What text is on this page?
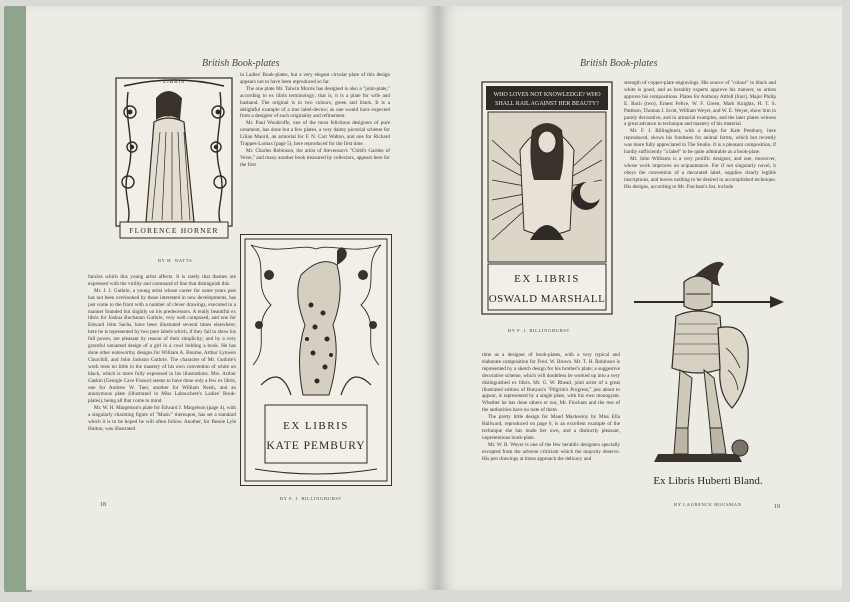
British Book-plates
LIBRIS
FLORENCE HORNER
BY H. WATTS

in Ladies' Book-plates, but a very elegant circular plate of this design appears not to have been reproduced so far.

The one plate Mr. Talwin Morris has designed is also a "joint-plate," according to ex libris terminology; that is, it is a plate for wife and husband. The original is in two colours, green and black. It is a delightful example of a true label-device; as one would have expected from a designer of such originality and refinement.

Mr. Paul Woodroffe, one of the most felicitous designers of pure ornament, has done but a few plates, a very dainty pictorial scheme for Lilian Mauril, an armorial for F. N. Carr Walton, and one for Richard Trappes-Lomax (page 5), here reproduced for the first time.

Mr. Charles Robinson, the artist of Stevenson's "Child's Garden of Verse," and many another book treasured by collectors, appears here for the first

EX LIBRIS
KATE PEMBURY
BY F. J. BILLINGHURST

fancies which this young artist affects. It is rarely that themes are expressed with the virility and command of line that distinguish this.

Mr. J. J. Guthrie, a young artist whose career for some years past has not been overlooked by those interested in new developments, has just come to the front with a number of clever drawings, executed in a manner founded but slightly on his predecessors. A really beautiful ex libris for Joshua Buchanan Guthrie, very well composed, and one for Edward John Sachs, have been illustrated several times elsewhere; here he is represented by two pure labels which, if they fail to show his full power, are pleasant by reason of their simplicity; and by a very graceful unnamed design of a girl in a cowl holding a book. He has done other noteworthy designs for William A. Bourne, Arthur Lynwen Churchill, and John Jackson Guthrie. The character of Mr. Guthrie's work rests no little in the mastery of his own convention of white on black, which is more fully expressed in his illustrations. Mrs. Arthur Gaskin (Georgie Cave France) seems to have done only a few ex libris, one for Andrew W. Tuer, another for William Neish, and an anonymous plate (illustrated in Miss Labouchere's Ladies' Book-plates), being all that come to mind.

Mr. W. H. Margetson's plate for Edward J. Margetson (page 4), with a singularly charming figure of "Music" thereupon, has set a standard which it is to be hoped he will often follow. Another, for Bessie Lyle Hutton, was illustrated

18
British Book-plates
WHO LOVES NOT KNOWLEDGE? WHO
SHALL RAIL AGAINST HER BEAUTY?
EX LIBRIS
OSWALD MARSHALL
BY F. J. BILLINGHURST

strength of copper-plate engravings. His source of "colour" in black and white is good, and as heraldry experts approve his manner, so artists approve his compositions. Plates for Anthony Attloll (four), Major Philip E. Bach (two), Ernest Felice, W. F. Green, Mark Knights, H. T. S. Pattison, Thomas J. Scott, William Weyer, and W. E. Weyer, show him in purely decorative, and in armorial examples, and the later plates witness a great advance in technique and mastery of his material.

Mr. F. J. Billinghurst, with a design for Kate Pembury, here reproduced, shows his fondness for animal forms, which but recently was more fully appreciated in The Studio. It is a pleasant composition, if hardly sufficiently "a label" to be quite admirable as a book-plate.

Mr. John Williams is a very prolific designer, and one, moreover, whose work improves on acquaintance. For if not singularly novel, it obeys the convention of a decorated label, supplies clearly legible inscriptions, and leaves nothing to be desired in accomplished technique. His designs, according to Mr. Fincham's list, include

time as a designer of book-plates, with a very typical and elaborate composition for Fred. W. Brown. Mr. T. H. Robinson is represented by a sketch design for his brother's plate; a suggestive decorative scheme, which will doubtless be worked up into a very distinguished ex libris. Mr. G. W. Rhead, joint artist of a great illustrated edition of Bunyan's "Pilgrim's Progress," just about to appear, is represented by a single plate, with his own monogram. Whether he has done others or not, Mr. Fincham and the rest of the authorities have no note of them.

The pretty little design for Maud Mackesloy by Miss Ella Hallward, reproduced on page 6, is an excellent example of the technique she has made her own, and a distinctly pleasant, unpretentious book-plate.

Mr. W. R. Weyer is one of the few heraldic designers specially excepted from the adverse criticism which the majority deserve. His pen drawings at times approach the delicacy and

Ex Libris Huberti Bland.
BY LAURENCE HOUSMAN	19
